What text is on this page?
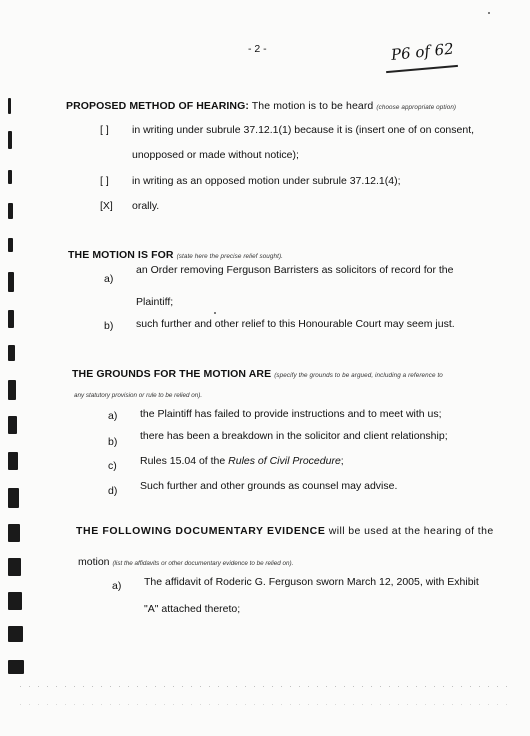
- 2 -	P6 of 62
PROPOSED METHOD OF HEARING: The motion is to be heard (choose appropriate option)
[ ] in writing under subrule 37.12.1(1) because it is (insert one of on consent,
unopposed or made without notice);
[ ] in writing as an opposed motion under subrule 37.12.1(4);
[X] orally.
THE MOTION IS FOR (state here the precise relief sought).
a)
an Order removing Ferguson Barristers as solicitors of record for the
Plaintiff;
b) such further and other relief to this Honourable Court may seem just.
THE GROUNDS FOR THE MOTION ARE (specify the grounds to be argued, including a reference to
any statutory provision or rule to be relied on).
a) the Plaintiff has failed to provide instructions and to meet with us;
b) there has been a breakdown in the solicitor and client relationship;
c) Rules 15.04 of the Rules of Civil Procedure;
d) Such further and other grounds as counsel may advise.
THE FOLLOWING DOCUMENTARY EVIDENCE will be used at the hearing of the
motion (list the affidavits or other documentary evidence to be relied on).
a) The affidavit of Roderic G. Ferguson sworn March 12, 2005, with Exhibit
"A" attached thereto;
